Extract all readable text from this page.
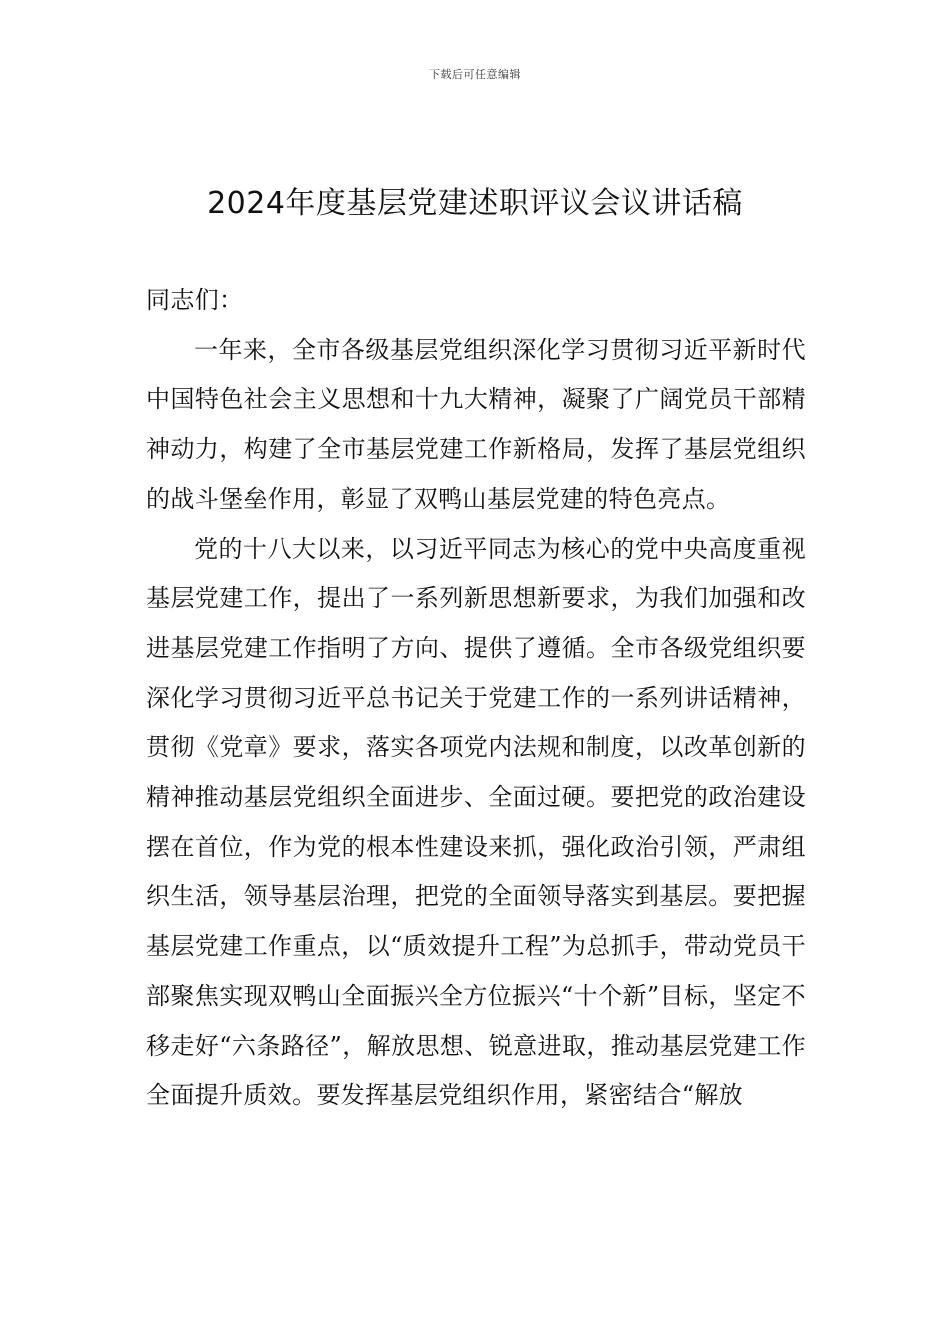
下载后可任意编辑
2024年度基层党建述职评议会议讲话稿

同志们：

一年来，全市各级基层党组织深化学习贯彻习近平新时代中国特色社会主义思想和十九大精神，凝聚了广阔党员干部精神动力，构建了全市基层党建工作新格局，发挥了基层党组织的战斗堡垒作用，彰显了双鸭山基层党建的特色亮点。

党的十八大以来，以习近平同志为核心的党中央高度重视基层党建工作，提出了一系列新思想新要求，为我们加强和改进基层党建工作指明了方向、提供了遵循。全市各级党组织要深化学习贯彻习近平总书记关于党建工作的一系列讲话精神，贯彻《党章》要求，落实各项党内法规和制度，以改革创新的精神推动基层党组织全面进步、全面过硬。要把党的政治建设摆在首位，作为党的根本性建设来抓，强化政治引领，严肃组织生活，领导基层治理，把党的全面领导落实到基层。要把握基层党建工作重点，以“质效提升工程”为总抓手，带动党员干部聚焦实现双鸭山全面振兴全方位振兴“十个新”目标，坚定不移走好“六条路径”，解放思想、锐意进取，推动基层党建工作全面提升质效。要发挥基层党组织作用，紧密结合“解放
